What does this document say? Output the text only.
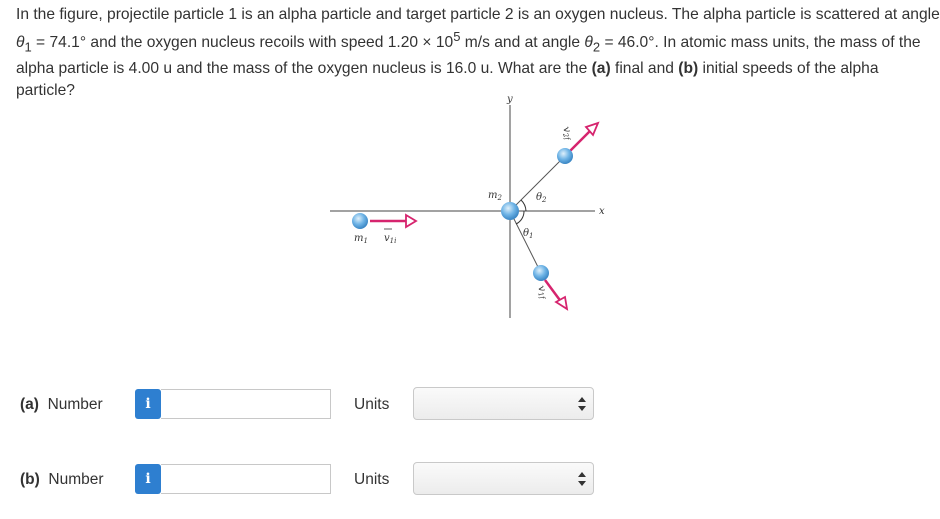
In the figure, projectile particle 1 is an alpha particle and target particle 2 is an oxygen nucleus. The alpha particle is scattered at angle $\theta_1 = 74.1^\circ$ and the oxygen nucleus recoils with speed $1.20 \times 10^5$ m/s and at angle $\theta_2 = 46.0^\circ$. In atomic mass units, the mass of the alpha particle is 4.00 u and the mass of the oxygen nucleus is 16.0 u. What are the (a) final and (b) initial speeds of the alpha particle?
y
x
$m_1$ $v_{1i}$
$m_2$	$\theta_2$
$\theta_1$
$v_{2f}$
$v_{1f}$
(a) Number	i	Units
(b) Number	i	Units
